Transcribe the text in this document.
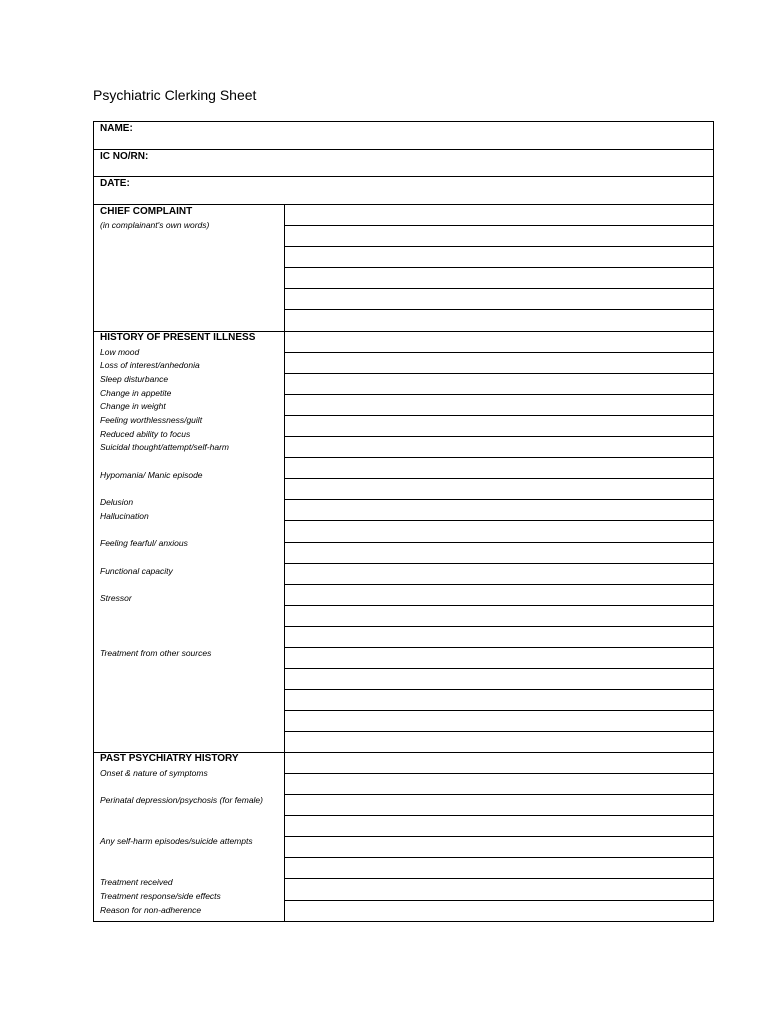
Psychiatric Clerking Sheet
NAME:
IC NO/RN:
DATE:
CHIEF COMPLAINT
(in complainant's own words)
HISTORY OF PRESENT ILLNESS
Low mood
Loss of interest/anhedonia
Sleep disturbance
Change in appetite
Change in weight
Feeling worthlessness/guilt
Reduced ability to focus
Suicidal thought/attempt/self-harm
Hypomania/ Manic episode
Delusion
Hallucination
Feeling fearful/ anxious
Functional capacity
Stressor
Treatment from other sources
PAST PSYCHIATRY HISTORY
Onset & nature of symptoms
Perinatal depression/psychosis (for female)
Any self-harm episodes/suicide attempts
Treatment received
Treatment response/side effects
Reason for non-adherence
